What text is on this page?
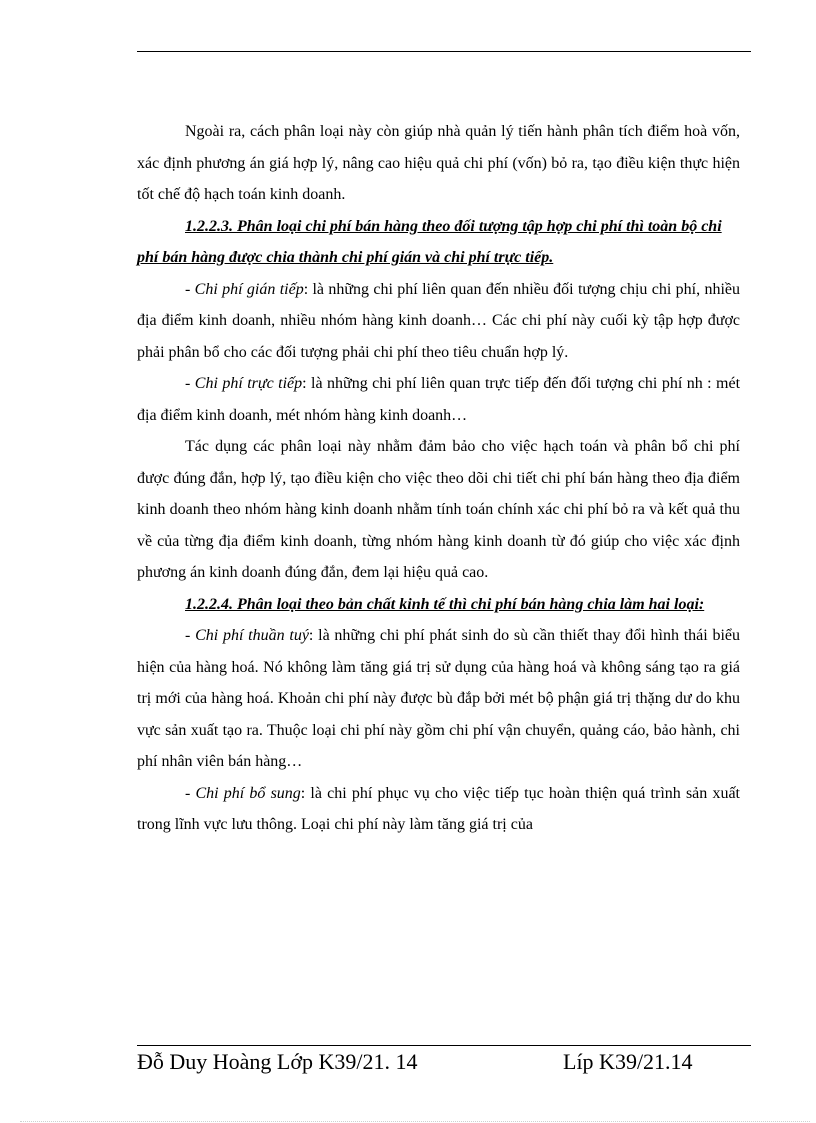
Ngoài ra, cách phân loại này còn giúp nhà quản lý tiến hành phân tích điểm hoà vốn, xác định phương án giá hợp lý, nâng cao hiệu quả chi phí (vốn) bỏ ra, tạo điều kiện thực hiện tốt chế độ hạch toán kinh doanh.

1.2.2.3. Phân loại chi phí bán hàng theo đối tượng tập hợp chi phí thì toàn bộ chi phí bán hàng được chia thành chi phí gián và chi phí trực tiếp.

- Chi phí gián tiếp: là những chi phí liên quan đến nhiều đối tượng chịu chi phí, nhiều địa điểm kinh doanh, nhiều nhóm hàng kinh doanh… Các chi phí này cuối kỳ tập hợp được phải phân bổ cho các đối tượng phải chi phí theo tiêu chuẩn hợp lý.

- Chi phí trực tiếp: là những chi phí liên quan trực tiếp đến đối tượng chi phí nh : mét địa điểm kinh doanh, mét nhóm hàng kinh doanh…

Tác dụng các phân loại này nhằm đảm bảo cho việc hạch toán và phân bổ chi phí được đúng đắn, hợp lý, tạo điều kiện cho việc theo dõi chi tiết chi phí bán hàng theo địa điểm kinh doanh theo nhóm hàng kinh doanh nhằm tính toán chính xác chi phí bỏ ra và kết quả thu về của từng địa điểm kinh doanh, từng nhóm hàng kinh doanh từ đó giúp cho việc xác định phương án kinh doanh đúng đắn, đem lại hiệu quả cao.

1.2.2.4. Phân loại theo bản chất kinh tế thì chi phí bán hàng chia làm hai loại:

- Chi phí thuần tuý: là những chi phí phát sinh do sù cần thiết thay đổi hình thái biểu hiện của hàng hoá. Nó không làm tăng giá trị sử dụng của hàng hoá và không sáng tạo ra giá trị mới của hàng hoá. Khoản chi phí này được bù đắp bởi mét bộ phận giá trị thặng dư do khu vực sản xuất tạo ra. Thuộc loại chi phí này gồm chi phí vận chuyển, quảng cáo, bảo hành, chi phí nhân viên bán hàng…

- Chi phí bổ sung: là chi phí phục vụ cho việc tiếp tục hoàn thiện quá trình sản xuất trong lĩnh vực lưu thông. Loại chi phí này làm tăng giá trị của

Đỗ Duy Hoàng Lớp K39/21. 14	Líp K39/21.14
